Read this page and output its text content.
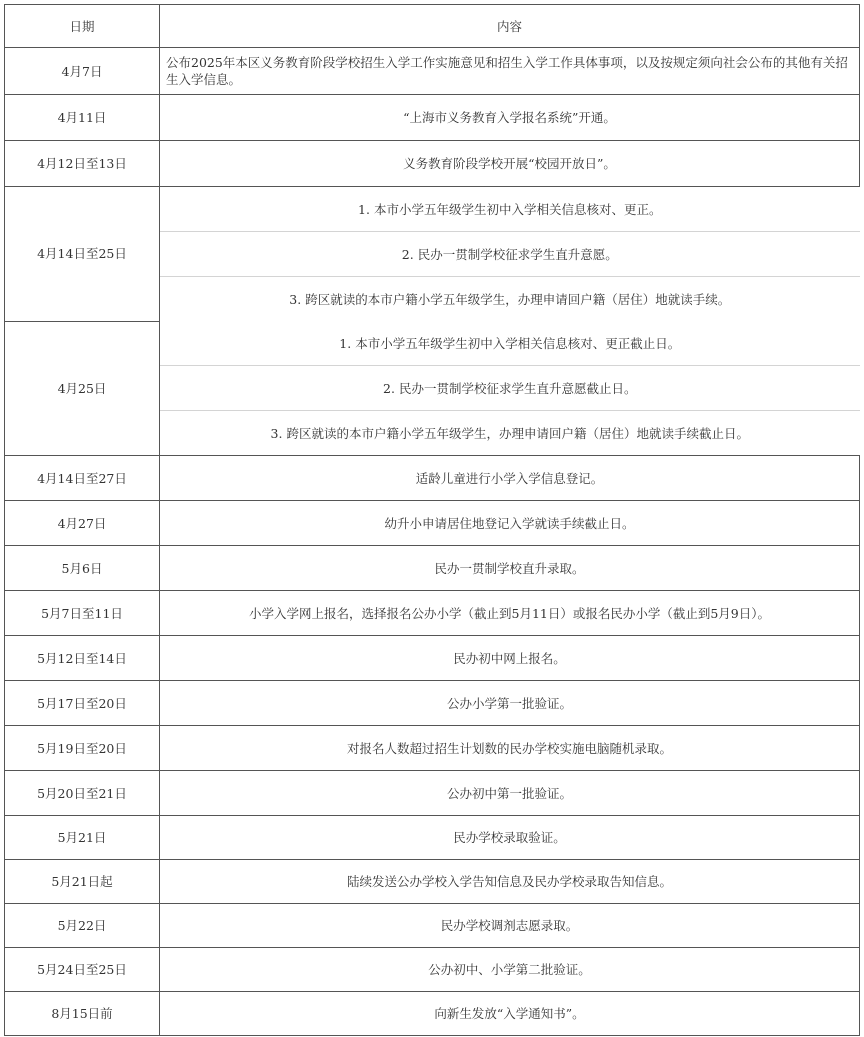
日期	内容
4月7日	公布2025年本区义务教育阶段学校招生入学工作实施意见和招生入学工作具体事项，以及按规定须向社会公布的其他有关招生入学信息。
4月11日	“上海市义务教育入学报名系统”开通。
4月12日至13日	义务教育阶段学校开展“校园开放日”。
4月14日至25日	1. 本市小学五年级学生初中入学相关信息核对、更正。
2. 民办一贯制学校征求学生直升意愿。
3. 跨区就读的本市户籍小学五年级学生，办理申请回户籍（居住）地就读手续。

4月25日	1. 本市小学五年级学生初中入学相关信息核对、更正截止日。
2. 民办一贯制学校征求学生直升意愿截止日。
3. 跨区就读的本市户籍小学五年级学生，办理申请回户籍（居住）地就读手续截止日。

4月14日至27日	适龄儿童进行小学入学信息登记。
4月27日	幼升小申请居住地登记入学就读手续截止日。
5月6日	民办一贯制学校直升录取。
5月7日至11日	小学入学网上报名，选择报名公办小学（截止到5月11日）或报名民办小学（截止到5月9日）。
5月12日至14日	民办初中网上报名。
5月17日至20日	公办小学第一批验证。
5月19日至20日	对报名人数超过招生计划数的民办学校实施电脑随机录取。
5月20日至21日	公办初中第一批验证。
5月21日	民办学校录取验证。
5月21日起	陆续发送公办学校入学告知信息及民办学校录取告知信息。
5月22日	民办学校调剂志愿录取。
5月24日至25日	公办初中、小学第二批验证。
8月15日前	向新生发放“入学通知书”。
